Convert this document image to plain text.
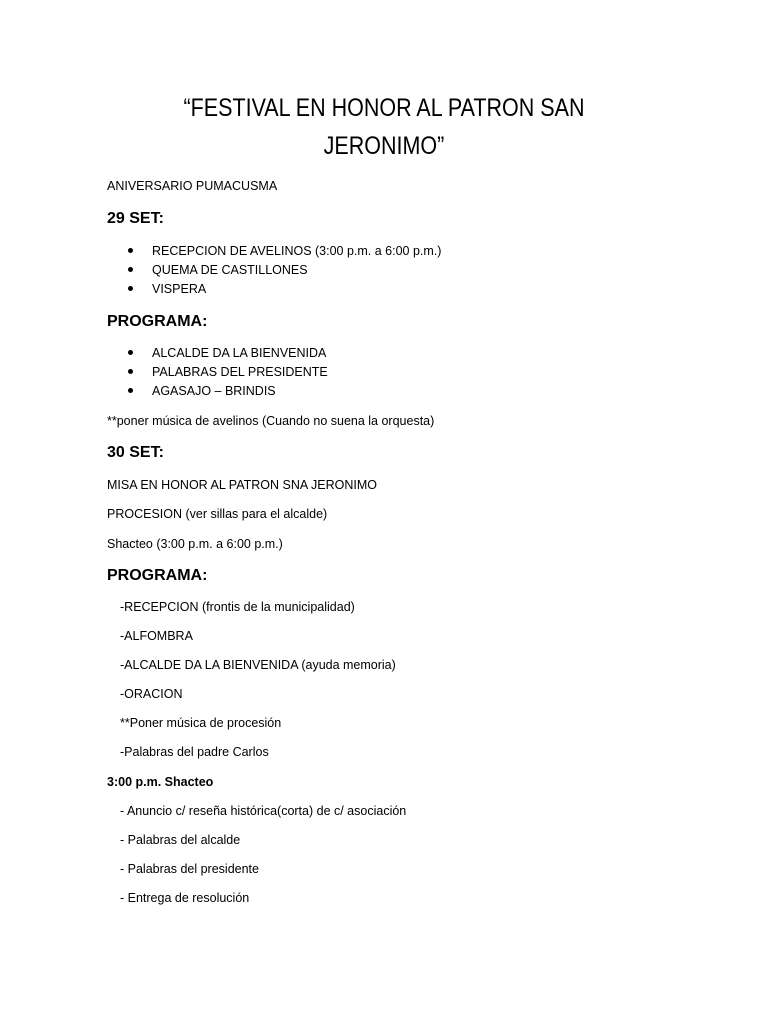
“FESTIVAL EN HONOR AL PATRON SAN
JERONIMO”
ANIVERSARIO PUMACUSMA
29 SET:
RECEPCION DE AVELINOS (3:00 p.m. a 6:00 p.m.)
QUEMA DE CASTILLONES
VISPERA
PROGRAMA:
ALCALDE DA LA BIENVENIDA
PALABRAS DEL PRESIDENTE
AGASAJO – BRINDIS
**poner música de avelinos (Cuando no suena la orquesta)
30 SET:
MISA EN HONOR AL PATRON SNA JERONIMO
PROCESION (ver sillas para el alcalde)
Shacteo (3:00 p.m. a 6:00 p.m.)
PROGRAMA:
-RECEPCION (frontis de la municipalidad)
-ALFOMBRA
-ALCALDE DA LA BIENVENIDA (ayuda memoria)
-ORACION
**Poner música de procesión
-Palabras del padre Carlos
3:00 p.m. Shacteo
- Anuncio c/ reseña histórica(corta) de c/ asociación
- Palabras del alcalde
- Palabras del presidente
- Entrega de resolución
